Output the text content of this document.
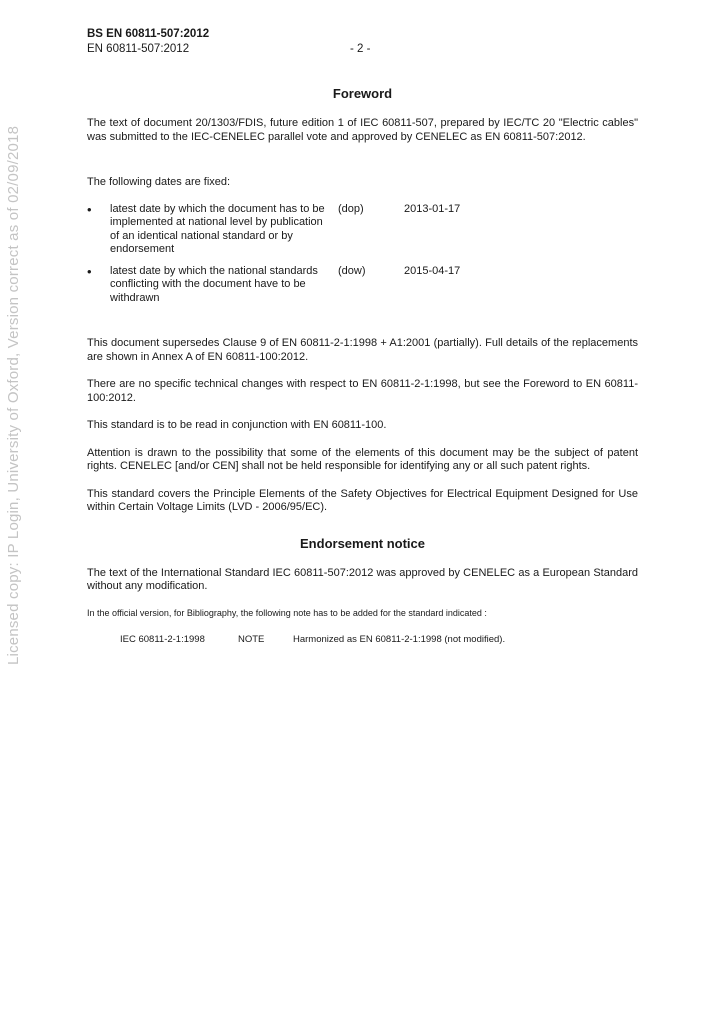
Licensed copy: IP Login, University of Oxford, Version correct as of 02/09/2018
BS EN 60811-507:2012
EN 60811-507:2012	- 2 -
Foreword

The text of document 20/1303/FDIS, future edition 1 of IEC 60811-507, prepared by IEC/TC 20 "Electric cables" was submitted to the IEC-CENELEC parallel vote and approved by CENELEC as EN 60811-507:2012.

The following dates are fixed:

•	latest date by which the document has to be implemented at national level by publication of an identical national standard or by endorsement
(dop)	2013-01-17
•	latest date by which the national standards conflicting with the document have to be withdrawn
(dow)	2015-04-17

This document supersedes Clause 9 of EN 60811-2-1:1998 + A1:2001 (partially). Full details of the replacements are shown in Annex A of EN 60811-100:2012.

There are no specific technical changes with respect to EN 60811-2-1:1998, but see the Foreword to EN 60811-100:2012.

This standard is to be read in conjunction with EN 60811-100.

Attention is drawn to the possibility that some of the elements of this document may be the subject of patent rights. CENELEC [and/or CEN] shall not be held responsible for identifying any or all such patent rights.

This standard covers the Principle Elements of the Safety Objectives for Electrical Equipment Designed for Use within Certain Voltage Limits (LVD - 2006/95/EC).

Endorsement notice

The text of the International Standard IEC 60811-507:2012 was approved by CENELEC as a European Standard without any modification.

In the official version, for Bibliography, the following note has to be added for the standard indicated :

IEC 60811-2-1:1998	NOTE	Harmonized as EN 60811-2-1:1998 (not modified).
